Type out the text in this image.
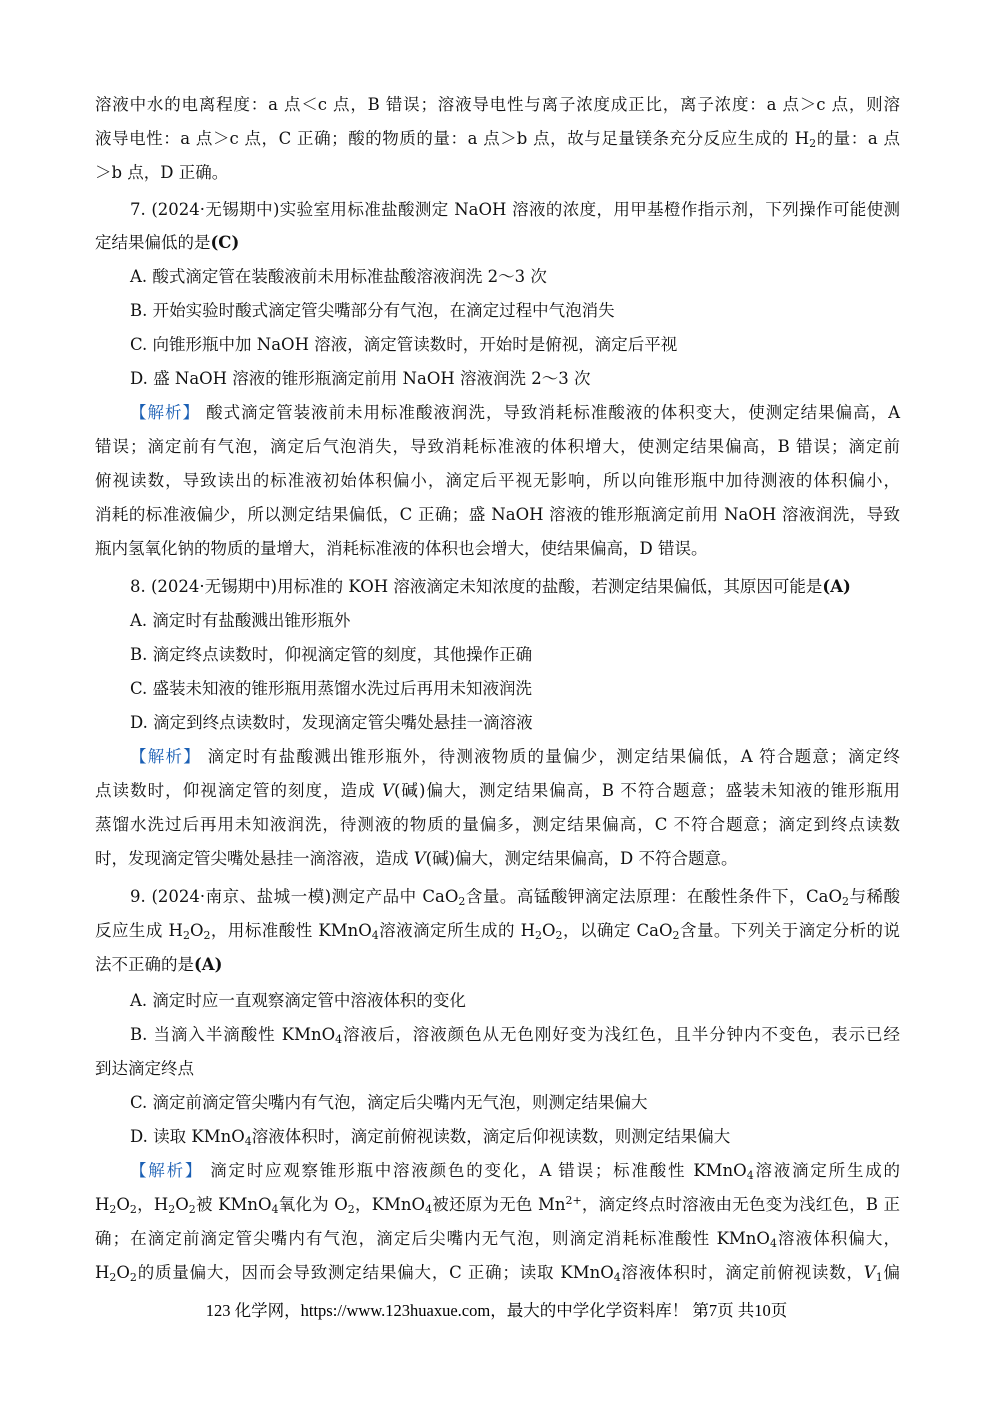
溶液中水的电离程度：a 点＜c 点，B 错误；溶液导电性与离子浓度成正比，离子浓度：a 点＞c 点，则溶
液导电性：a 点＞c 点，C 正确；酸的物质的量：a 点＞b 点，故与足量镁条充分反应生成的 $H_2$的量：a 点
＞b 点，D 正确。
7. (2024·无锡期中)实验室用标准盐酸测定 NaOH 溶液的浓度，用甲基橙作指示剂，下列操作可能使测
定结果偏低的是(C)
A. 酸式滴定管在装酸液前未用标准盐酸溶液润洗 2～3 次
B. 开始实验时酸式滴定管尖嘴部分有气泡，在滴定过程中气泡消失
C. 向锥形瓶中加 NaOH 溶液，滴定管读数时，开始时是俯视，滴定后平视
D. 盛 NaOH 溶液的锥形瓶滴定前用 NaOH 溶液润洗 2～3 次
【解析】 酸式滴定管装液前未用标准酸液润洗，导致消耗标准酸液的体积变大，使测定结果偏高，A
错误；滴定前有气泡，滴定后气泡消失，导致消耗标准液的体积增大，使测定结果偏高，B 错误；滴定前
俯视读数，导致读出的标准液初始体积偏小，滴定后平视无影响，所以向锥形瓶中加待测液的体积偏小，
消耗的标准液偏少，所以测定结果偏低，C 正确；盛 NaOH 溶液的锥形瓶滴定前用 NaOH 溶液润洗，导致
瓶内氢氧化钠的物质的量增大，消耗标准液的体积也会增大，使结果偏高，D 错误。
8. (2024·无锡期中)用标准的 KOH 溶液滴定未知浓度的盐酸，若测定结果偏低，其原因可能是(A)
A. 滴定时有盐酸溅出锥形瓶外
B. 滴定终点读数时，仰视滴定管的刻度，其他操作正确
C. 盛装未知液的锥形瓶用蒸馏水洗过后再用未知液润洗
D. 滴定到终点读数时，发现滴定管尖嘴处悬挂一滴溶液
【解析】 滴定时有盐酸溅出锥形瓶外，待测液物质的量偏少，测定结果偏低，A 符合题意；滴定终
点读数时，仰视滴定管的刻度，造成 V(碱)偏大，测定结果偏高，B 不符合题意；盛装未知液的锥形瓶用
蒸馏水洗过后再用未知液润洗，待测液的物质的量偏多，测定结果偏高，C 不符合题意；滴定到终点读数
时，发现滴定管尖嘴处悬挂一滴溶液，造成 V(碱)偏大，测定结果偏高，D 不符合题意。
9. (2024·南京、盐城一模)测定产品中 CaO$_2$含量。高锰酸钾滴定法原理：在酸性条件下，CaO$_2$与稀酸
反应生成 $H_2O_2$，用标准酸性 KMnO$_4$溶液滴定所生成的 $H_2O_2$，以确定 CaO$_2$含量。下列关于滴定分析的说
法不正确的是(A)
A. 滴定时应一直观察滴定管中溶液体积的变化
B. 当滴入半滴酸性 KMnO$_4$溶液后，溶液颜色从无色刚好变为浅红色，且半分钟内不变色，表示已经
到达滴定终点
C. 滴定前滴定管尖嘴内有气泡，滴定后尖嘴内无气泡，则测定结果偏大
D. 读取 KMnO$_4$溶液体积时，滴定前俯视读数，滴定后仰视读数，则测定结果偏大
【解析】 滴定时应观察锥形瓶中溶液颜色的变化，A 错误；标准酸性 KMnO$_4$溶液滴定所生成的
$H_2O_2$，$H_2O_2$被 KMnO$_4$氧化为 $O_2$，KMnO$_4$被还原为无色 $Mn^{2+}$，滴定终点时溶液由无色变为浅红色，B 正
确；在滴定前滴定管尖嘴内有气泡，滴定后尖嘴内无气泡，则滴定消耗标准酸性 KMnO$_4$溶液体积偏大，
$H_2O_2$的质量偏大，因而会导致测定结果偏大，C 正确；读取 KMnO$_4$溶液体积时，滴定前俯视读数，$V_1$偏
123 化学网，https://www.123huaxue.com，最大的中学化学资料库！ 第7页 共10页
